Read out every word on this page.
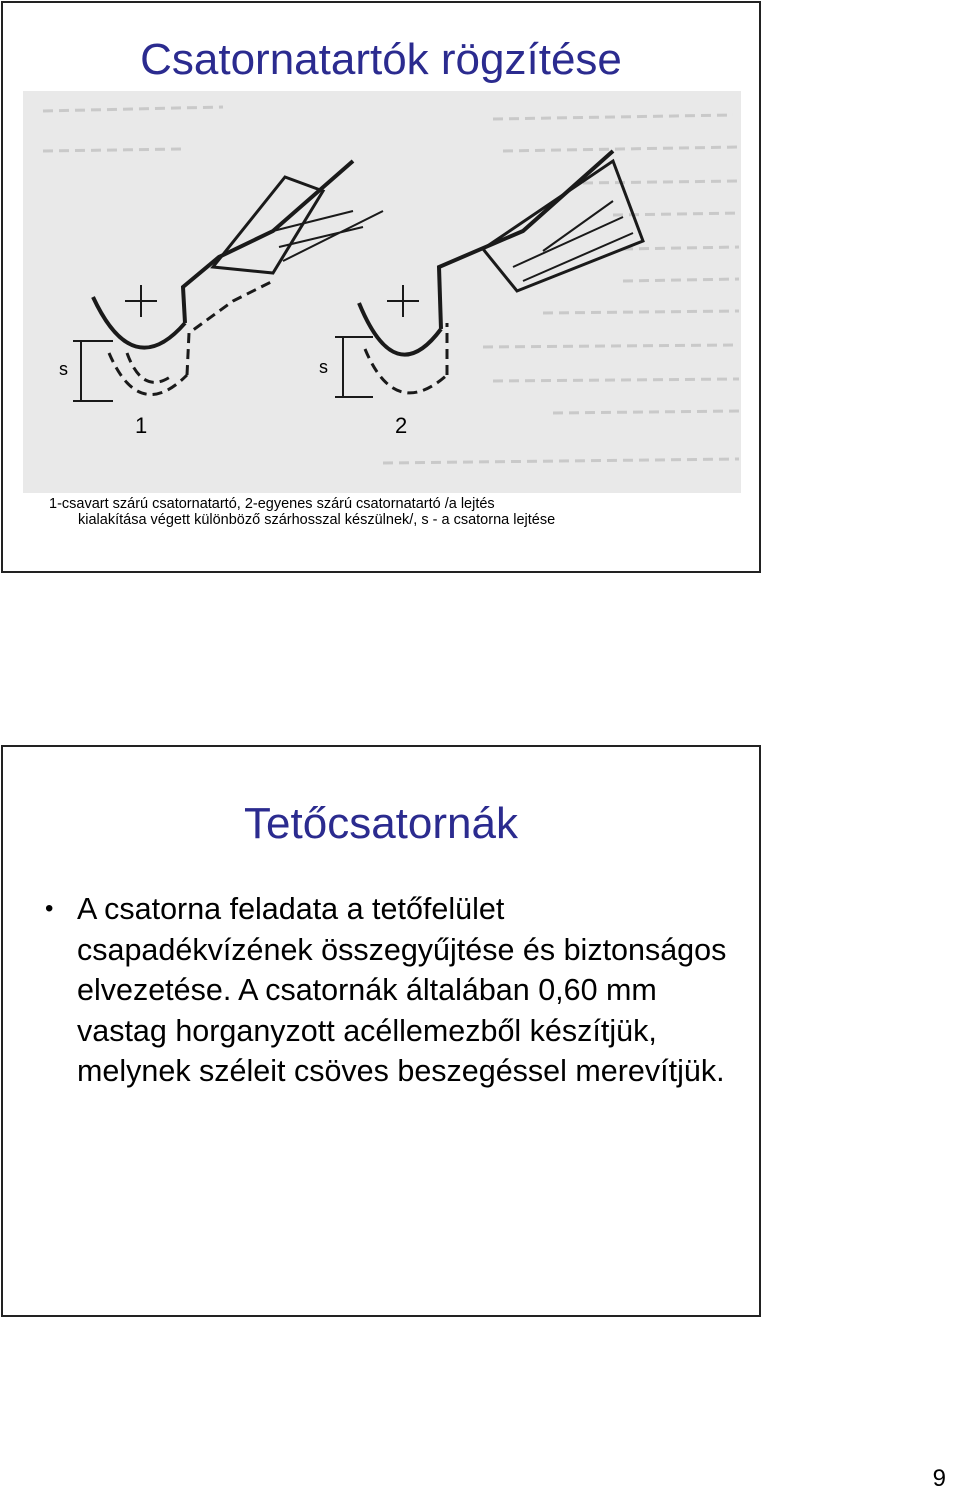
Csatornatartók rögzítése
s
1
s
2

1-csavart szárú csatornatartó, 2-egyenes szárú csatornatartó /a lejtés
kialakítása végett különböző szárhosszal készülnek/, s - a csatorna lejtése

Tetőcsatornák
• A csatorna feladata a tetőfelület csapadékvízének összegyűjtése és biztonságos elvezetése. A csatornák általában 0,60 mm vastag horganyzott acéllemezből készítjük, melynek széleit csöves beszegéssel merevítjük.
9
